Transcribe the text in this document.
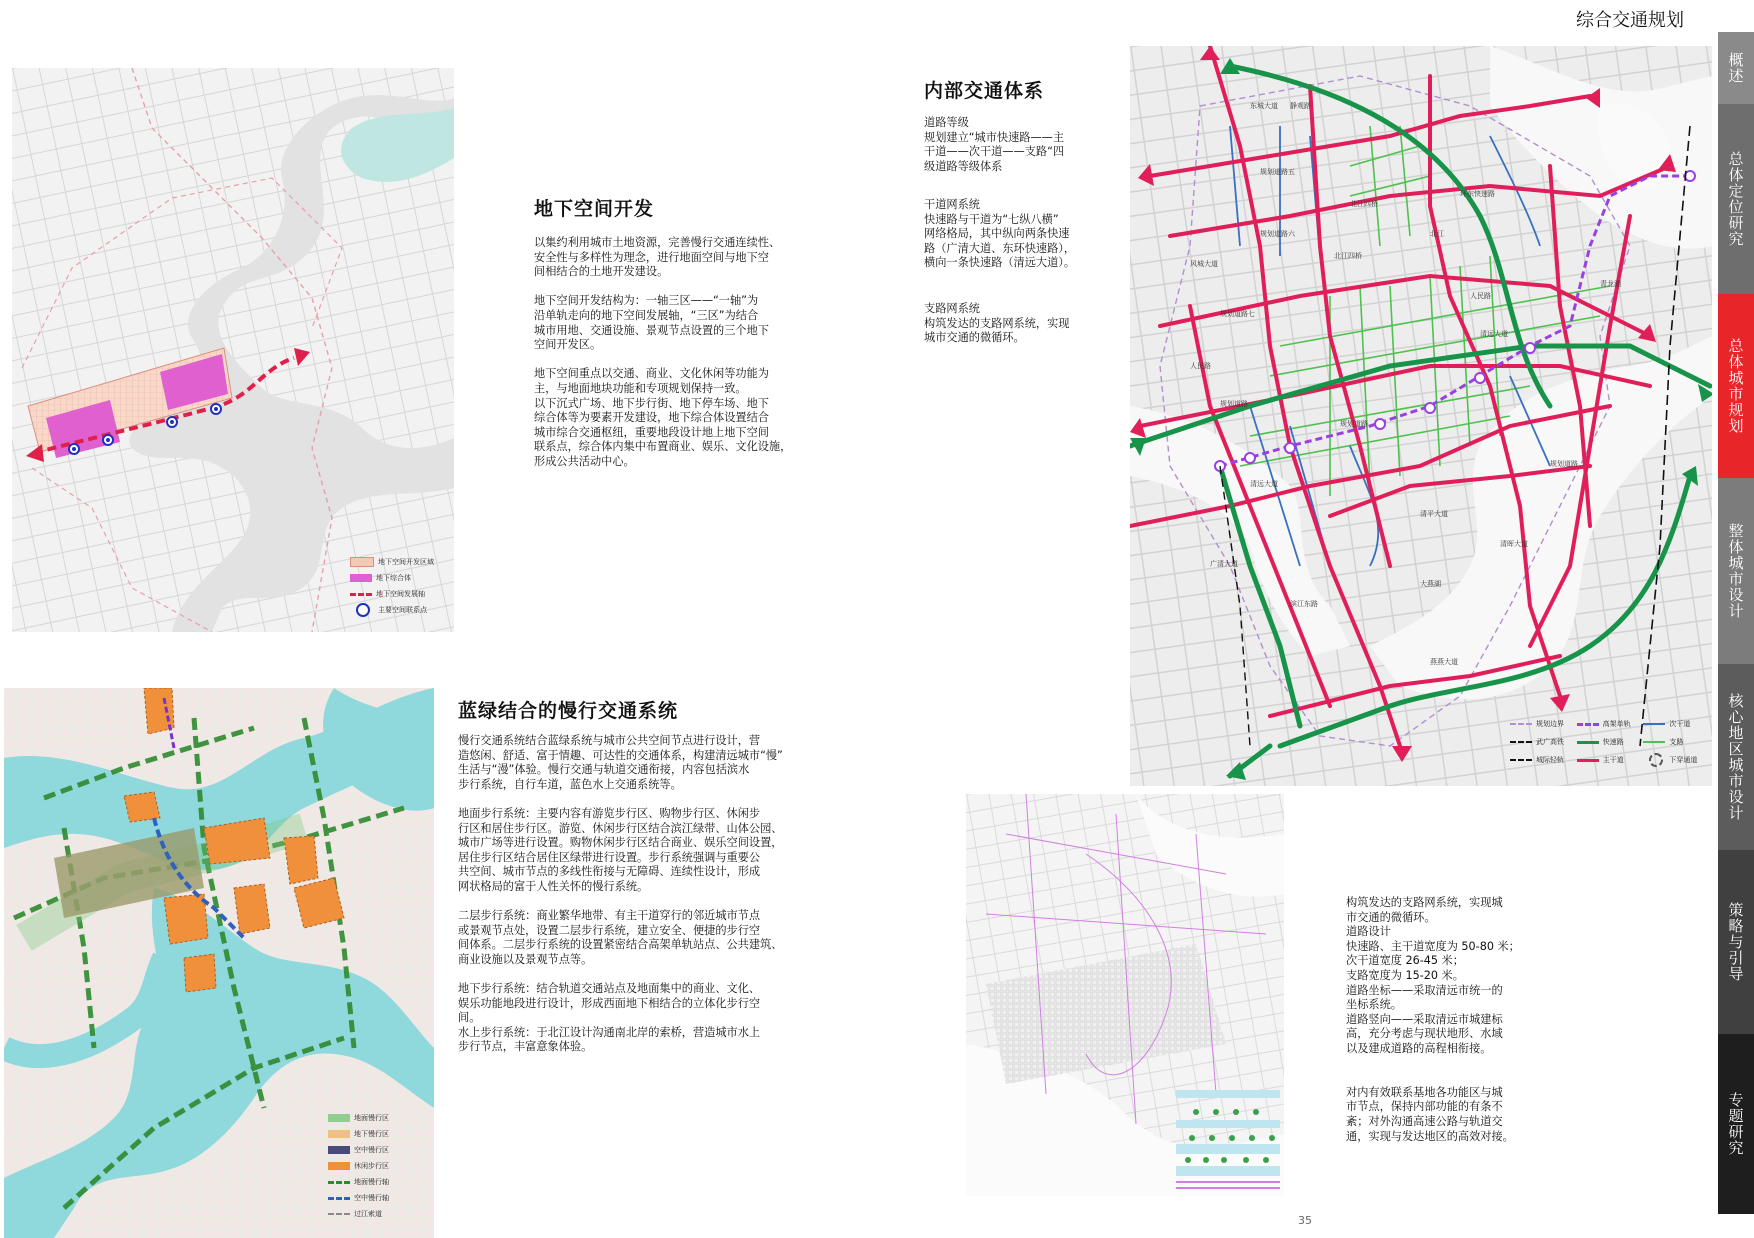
综合交通规划
概述
总体定位研究
总体城市规划
整体城市设计
核心地区城市设计
策略与引导
专题研究
地下空间开发区域
地下综合体
地下空间发展轴
主要空间联系点
地下空间开发
以集约利用城市土地资源，完善慢行交通连续性、
安全性与多样性为理念，进行地面空间与地下空
间相结合的土地开发建设。

地下空间开发结构为：一轴三区——“一轴”为
沿单轨走向的地下空间发展轴，“三区”为结合
城市用地、交通设施、景观节点设置的三个地下
空间开发区。

地下空间重点以交通、商业、文化休闲等功能为
主，与地面地块功能和专项规划保持一致。
以下沉式广场、地下步行街、地下停车场、地下
综合体等为要素开发建设，地下综合体设置结合
城市综合交通枢纽，重要地段设计地上地下空间
联系点，综合体内集中布置商业、娱乐、文化设施，
形成公共活动中心。
地面慢行区
地下慢行区
空中慢行区
休闲步行区
地面慢行轴
空中慢行轴
过江索道
蓝绿结合的慢行交通系统
慢行交通系统结合蓝绿系统与城市公共空间节点进行设计，营
造悠闲、舒适、富于情趣、可达性的交通体系，构建清远城市“慢”
生活与“漫”体验。慢行交通与轨道交通衔接，内容包括滨水
步行系统，自行车道，蓝色水上交通系统等。

地面步行系统：主要内容有游览步行区、购物步行区、休闲步
行区和居住步行区。游览、休闲步行区结合滨江绿带、山体公园、
城市广场等进行设置。购物休闲步行区结合商业、娱乐空间设置，
居住步行区结合居住区绿带进行设置。步行系统强调与重要公
共空间、城市节点的多线性衔接与无障碍、连续性设计，形成
网状格局的富于人性关怀的慢行系统。

二层步行系统：商业繁华地带、有主干道穿行的邻近城市节点
或景观节点处，设置二层步行系统，建立安全、便捷的步行空
间体系。二层步行系统的设置紧密结合高架单轨站点、公共建筑、
商业设施以及景观节点等。

地下步行系统：结合轨道交通站点及地面集中的商业、文化、
娱乐功能地段进行设计，形成西面地下相结合的立体化步行空
间。
水上步行系统：于北江设计沟通南北岸的索桥，营造城市水上
步行节点，丰富意象体验。
内部交通体系
道路等级
规划建立“城市快速路——主
干道——次干道——支路“四
级道路等级体系
干道网系统
快速路与干道为“七纵八横”
网络格局，其中纵向两条快速
路（广清大道、东环快速路），
横向一条快速路（清远大道）。
支路网系统
构筑发达的支路网系统，实现
城市交通的微循环。
东城大道 静观路
规划道路五
规划道路六	北江
北江四桥
人民路
清远大道
青龙湖
大燕湖
燕燕大道
清晖大道
广清大道
规划道路七
人民路
规划道路
风城大道
环东快速路
北江四桥
清远大道
规划道路
规划道路
清平大道
滨江东路
规划边界	高架单轨	次干道
武广高铁	快速路	支路
城际轻轨	主干道	下穿通道
构筑发达的支路网系统，实现城
市交通的微循环。
道路设计
快速路、主干道宽度为 50-80 米；
次干道宽度 26-45 米；
支路宽度为 15-20 米。
道路坐标——采取清远市统一的
坐标系统。
道路竖向——采取清远市城建标
高，充分考虑与现状地形、水域
以及建成道路的高程相衔接。

对内有效联系基地各功能区与城
市节点，保持内部功能的有条不
紊；对外沟通高速公路与轨道交
通，实现与发达地区的高效对接。
35
